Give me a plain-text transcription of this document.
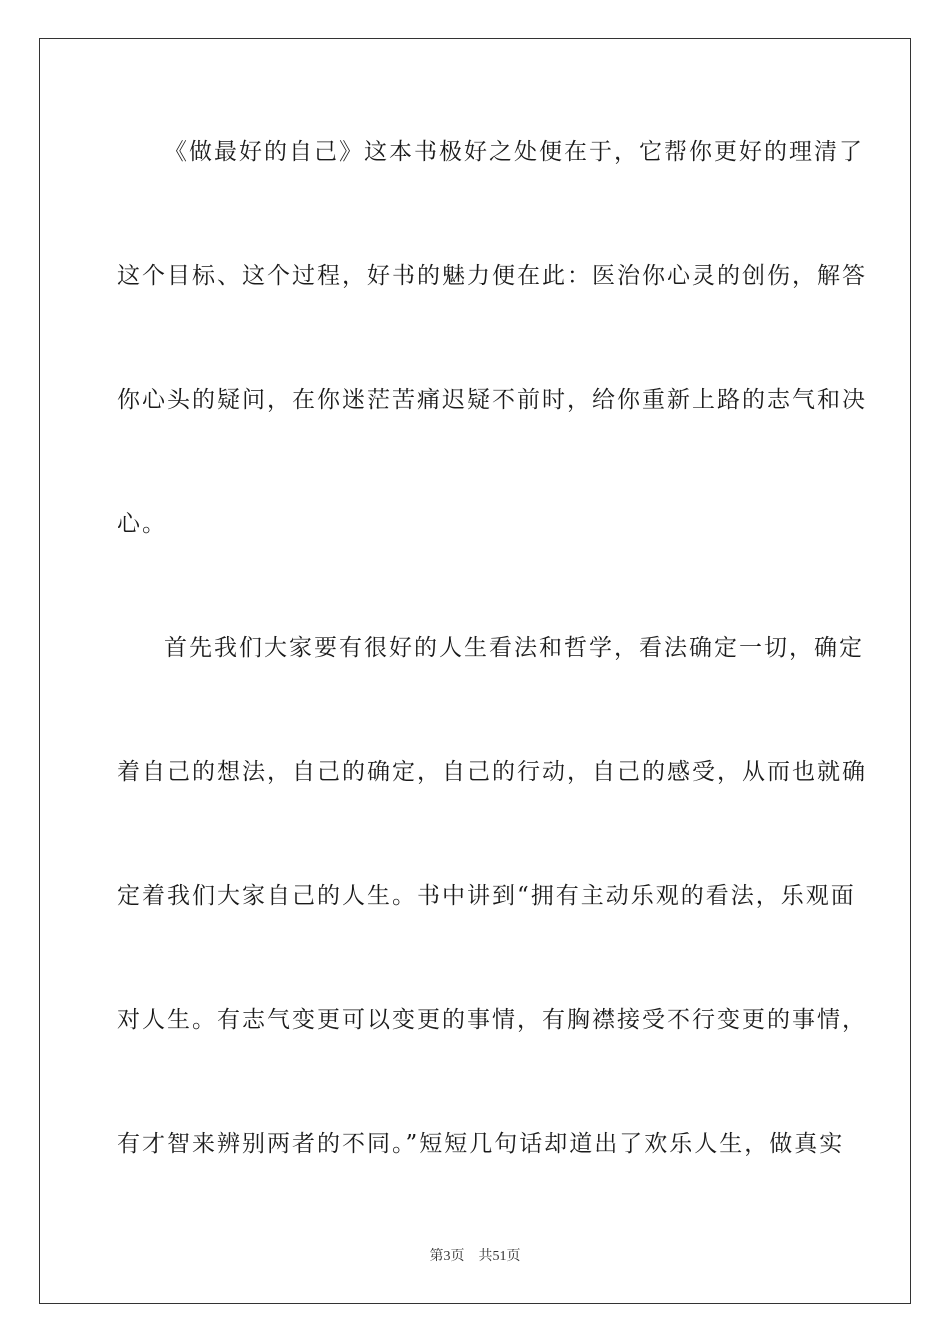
《做最好的自己》这本书极好之处便在于，它帮你更好的理清了
这个目标、这个过程，好书的魅力便在此：医治你心灵的创伤，解答
你心头的疑问，在你迷茫苦痛迟疑不前时，给你重新上路的志气和决
心。
首先我们大家要有很好的人生看法和哲学，看法确定一切，确定
着自己的想法，自己的确定，自己的行动，自己的感受，从而也就确
定着我们大家自己的人生。书中讲到“拥有主动乐观的看法，乐观面
对人生。有志气变更可以变更的事情，有胸襟接受不行变更的事情，
有才智来辨别两者的不同。”短短几句话却道出了欢乐人生，做真实
第3页 共51页
